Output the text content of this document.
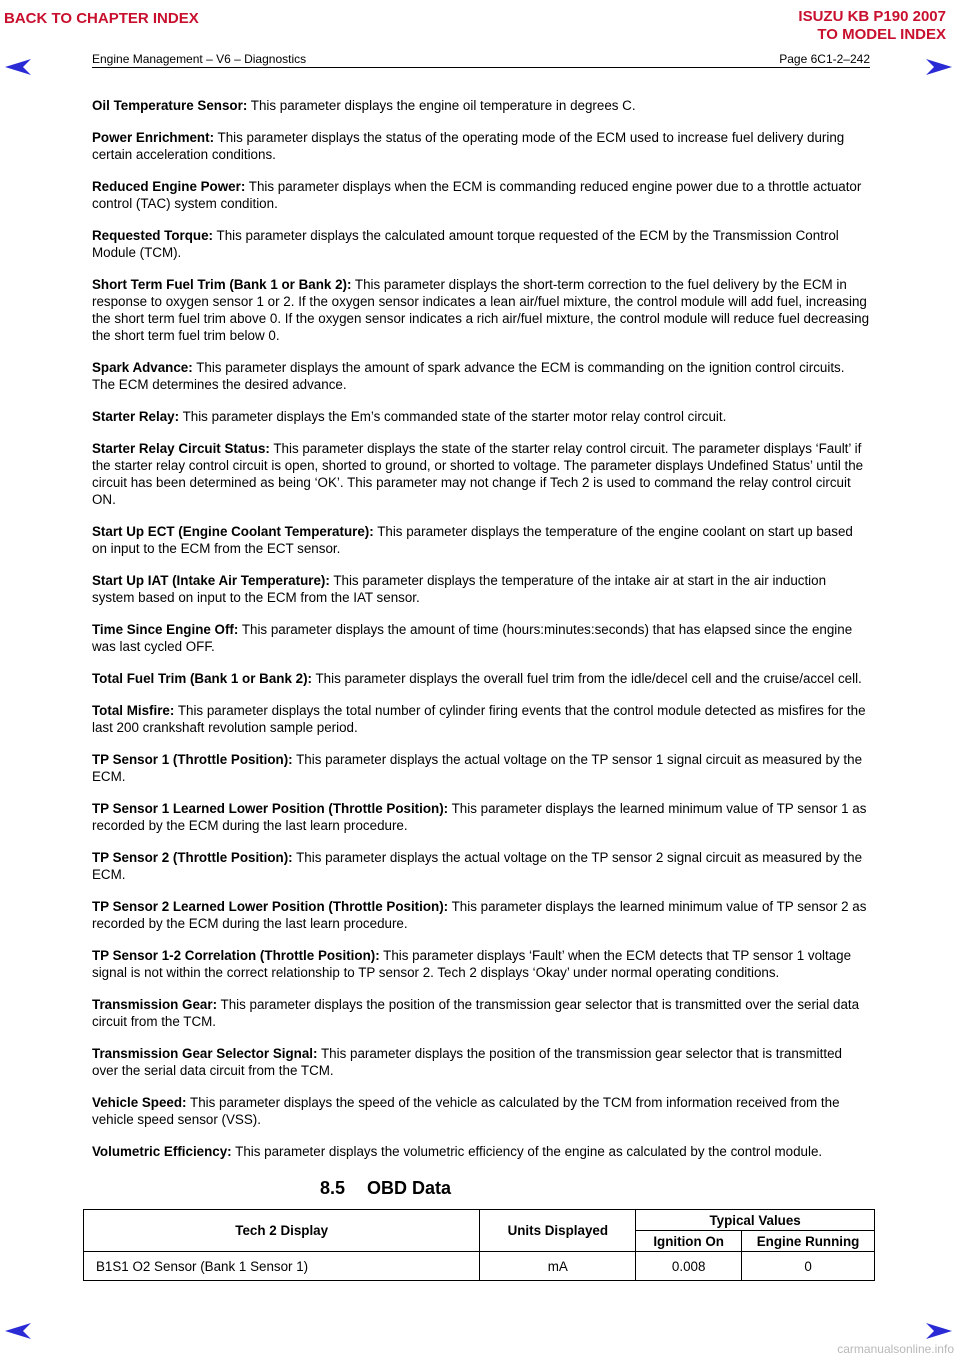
BACK TO CHAPTER INDEX	ISUZU KB P190 2007
TO MODEL INDEX
Engine Management – V6 – Diagnostics	Page 6C1-2–242

Oil Temperature Sensor: This parameter displays the engine oil temperature in degrees C.

Power Enrichment: This parameter displays the status of the operating mode of the ECM used to increase fuel delivery during certain acceleration conditions.

Reduced Engine Power: This parameter displays when the ECM is commanding reduced engine power due to a throttle actuator control (TAC) system condition.

Requested Torque: This parameter displays the calculated amount torque requested of the ECM by the Transmission Control Module (TCM).

Short Term Fuel Trim (Bank 1 or Bank 2): This parameter displays the short-term correction to the fuel delivery by the ECM in response to oxygen sensor 1 or 2. If the oxygen sensor indicates a lean air/fuel mixture, the control module will add fuel, increasing the short term fuel trim above 0. If the oxygen sensor indicates a rich air/fuel mixture, the control module will reduce fuel decreasing the short term fuel trim below 0.

Spark Advance: This parameter displays the amount of spark advance the ECM is commanding on the ignition control circuits. The ECM determines the desired advance.

Starter Relay: This parameter displays the Em’s commanded state of the starter motor relay control circuit.

Starter Relay Circuit Status: This parameter displays the state of the starter relay control circuit. The parameter displays ‘Fault’ if the starter relay control circuit is open, shorted to ground, or shorted to voltage. The parameter displays Undefined Status’ until the circuit has been determined as being ‘OK’. This parameter may not change if Tech 2 is used to command the relay control circuit ON.

Start Up ECT (Engine Coolant Temperature): This parameter displays the temperature of the engine coolant on start up based on input to the ECM from the ECT sensor.

Start Up IAT (Intake Air Temperature): This parameter displays the temperature of the intake air at start in the air induction system based on input to the ECM from the IAT sensor.

Time Since Engine Off: This parameter displays the amount of time (hours:minutes:seconds) that has elapsed since the engine was last cycled OFF.

Total Fuel Trim (Bank 1 or Bank 2): This parameter displays the overall fuel trim from the idle/decel cell and the cruise/accel cell.

Total Misfire: This parameter displays the total number of cylinder firing events that the control module detected as misfires for the last 200 crankshaft revolution sample period.

TP Sensor 1 (Throttle Position): This parameter displays the actual voltage on the TP sensor 1 signal circuit as measured by the ECM.

TP Sensor 1 Learned Lower Position (Throttle Position): This parameter displays the learned minimum value of TP sensor 1 as recorded by the ECM during the last learn procedure.

TP Sensor 2 (Throttle Position): This parameter displays the actual voltage on the TP sensor 2 signal circuit as measured by the ECM.

TP Sensor 2 Learned Lower Position (Throttle Position): This parameter displays the learned minimum value of TP sensor 2 as recorded by the ECM during the last learn procedure.

TP Sensor 1-2 Correlation (Throttle Position): This parameter displays ‘Fault’ when the ECM detects that TP sensor 1 voltage signal is not within the correct relationship to TP sensor 2. Tech 2 displays ‘Okay’ under normal operating conditions.

Transmission Gear: This parameter displays the position of the transmission gear selector that is transmitted over the serial data circuit from the TCM.

Transmission Gear Selector Signal: This parameter displays the position of the transmission gear selector that is transmitted over the serial data circuit from the TCM.

Vehicle Speed: This parameter displays the speed of the vehicle as calculated by the TCM from information received from the vehicle speed sensor (VSS).

Volumetric Efficiency: This parameter displays the volumetric efficiency of the engine as calculated by the control module.

8.5 OBD Data
Tech 2 Display	Units Displayed	Typical Values	
		Ignition On	Engine Running
B1S1 O2 Sensor (Bank 1 Sensor 1)	mA	0.008	0
carmanualsonline.info
